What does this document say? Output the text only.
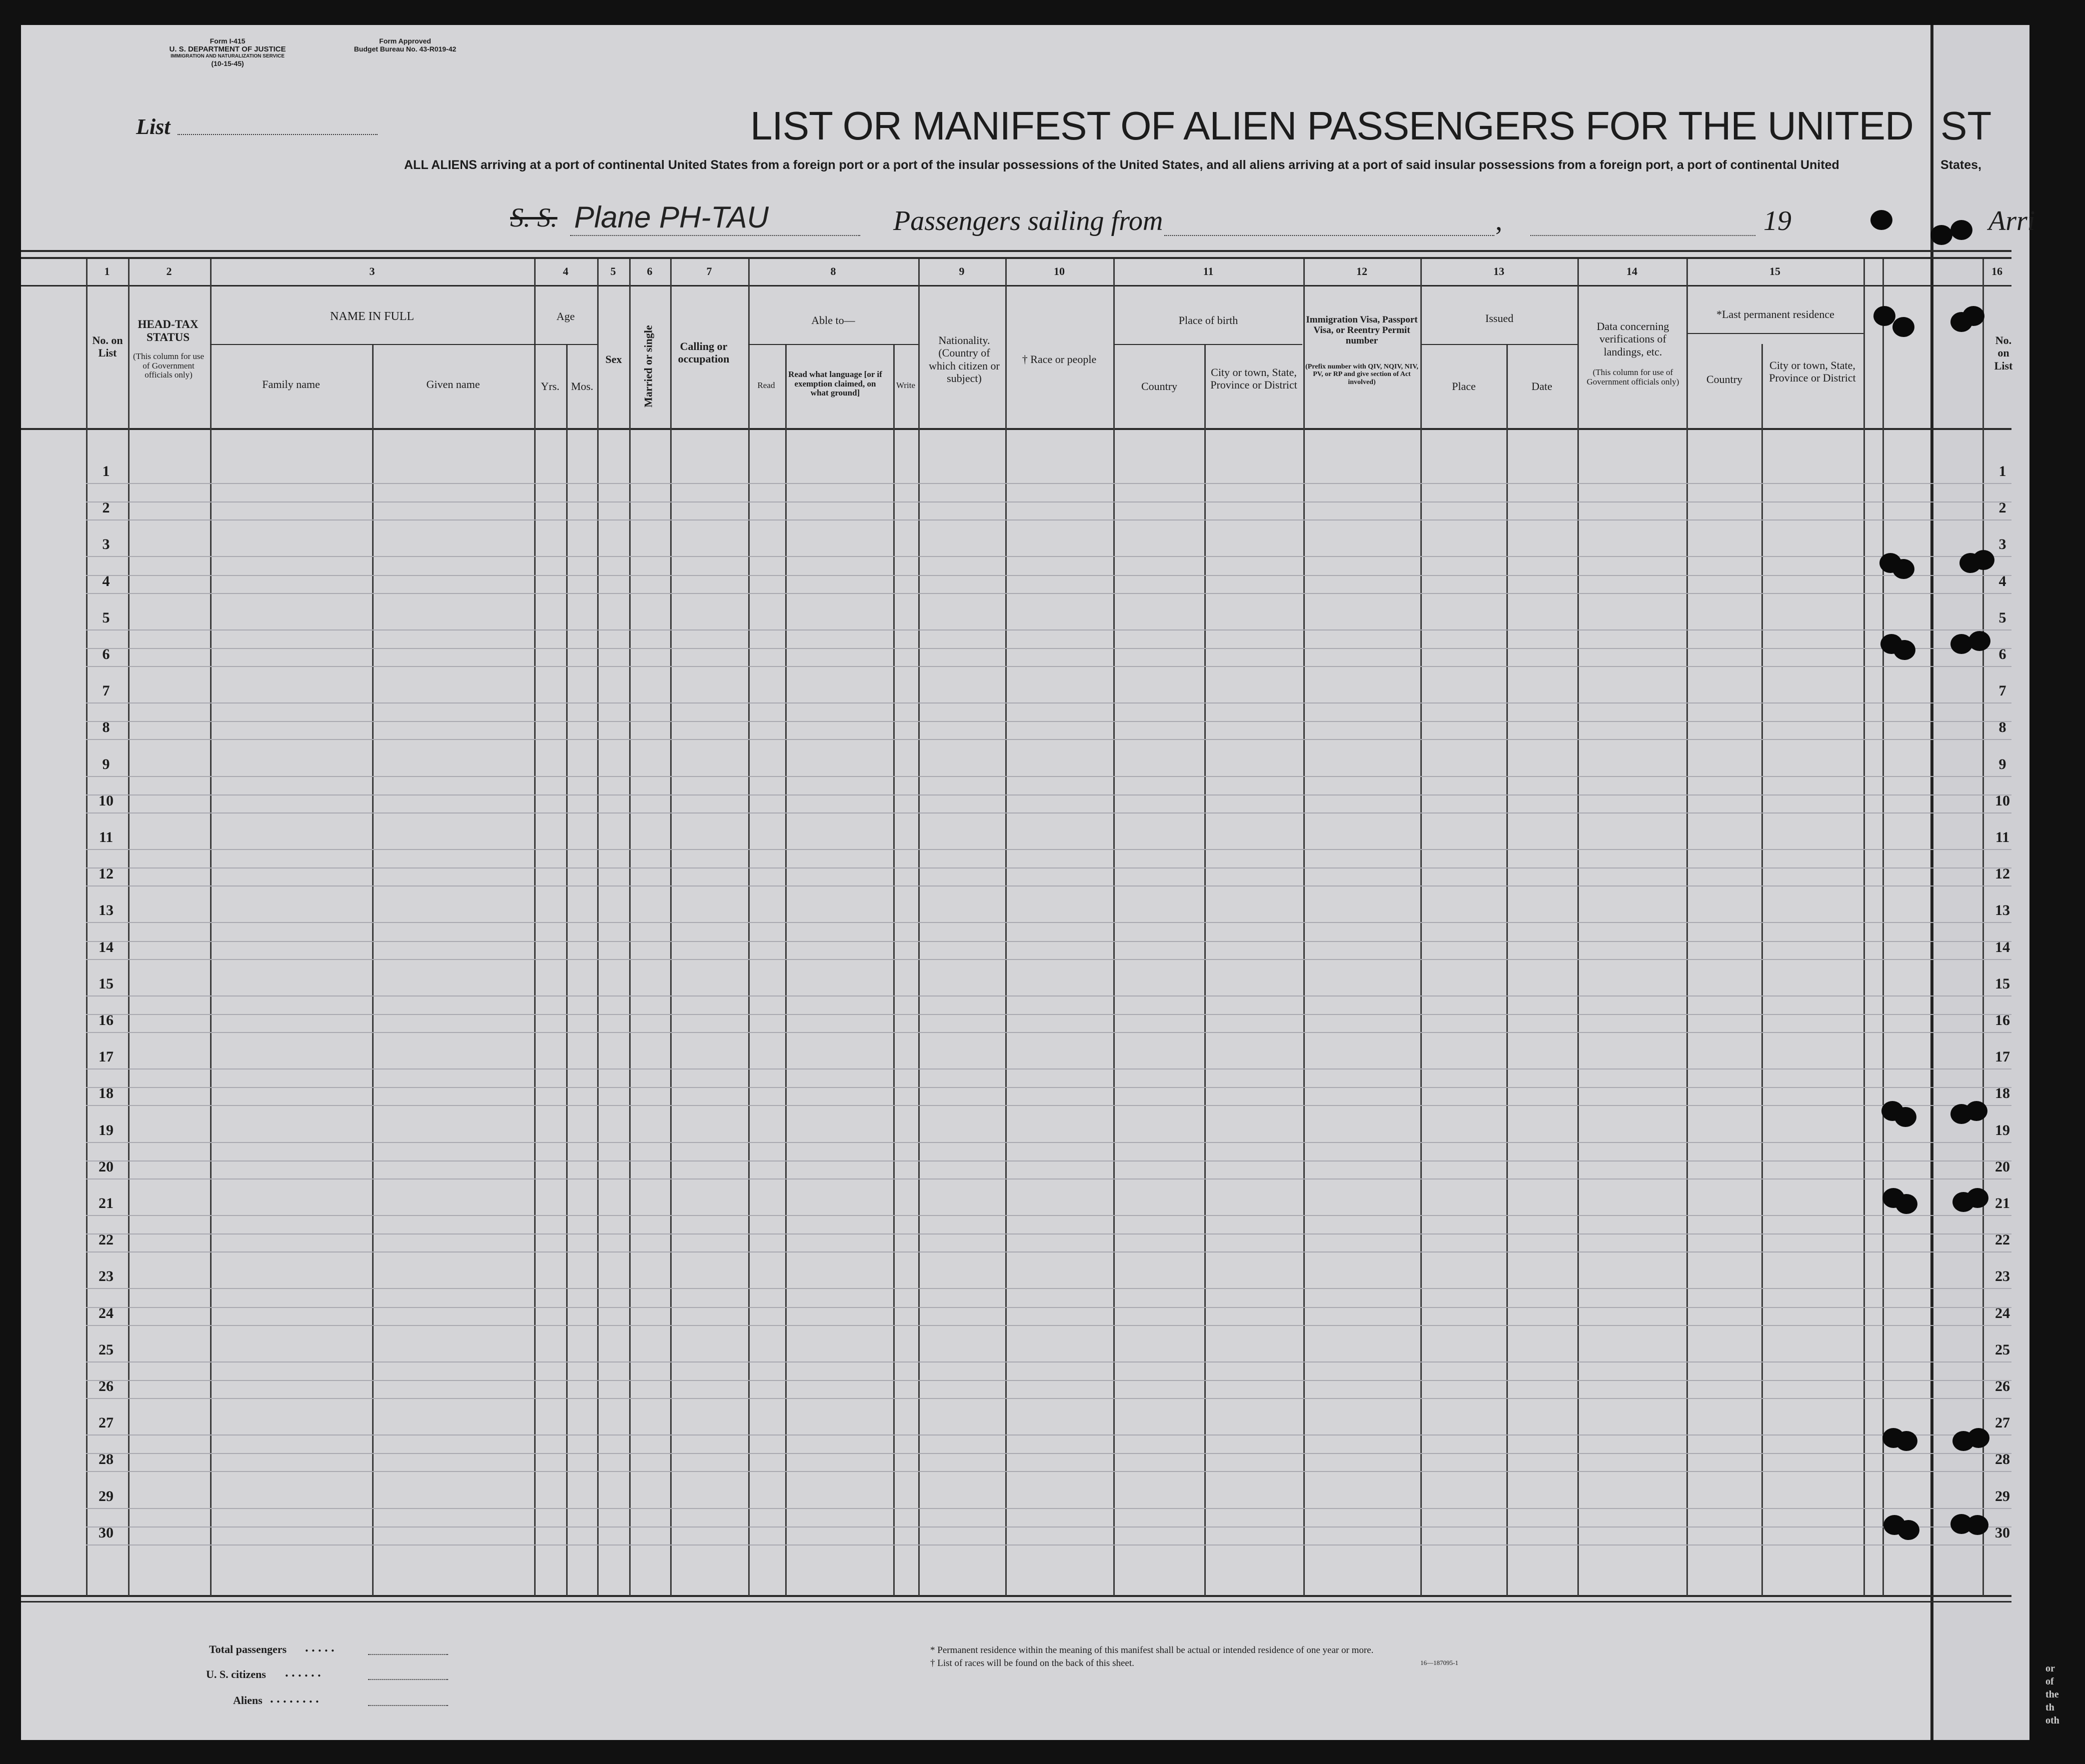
Form I-415
U. S. DEPARTMENT OF JUSTICE
IMMIGRATION AND NATURALIZATION SERVICE
(10-15-45)
Form Approved
Budget Bureau No. 43-R019-42
List	LIST OR MANIFEST OF ALIEN PASSENGERS FOR THE UNITED ST
ALL ALIENS arriving at a port of continental United States from a foreign port or a port of the insular possessions of the United States, and all aliens arriving at a port of said insular possessions from a foreign port, a port of continental United	States,
S. S. Plane PH-TAU	Passengers sailing from	,	19	Arri
1	2	3	4	5	6	7	8	9	10	11	12	13	14	15	16
No. on List
HEAD-TAX STATUS
(This column for use of Government officials only)
NAME IN FULL
Family name	Given name
Age
Yrs.	Mos.
Sex	Married or single	Calling or occupation
Able to—
Read
Read what language [or if exemption claimed, on what ground]
Write
Nationality. (Country of which citizen or subject)
† Race or people
Place of birth
Country
City or town, State, Province or District
Immigration Visa, Passport Visa, or Reentry Permit number
(Prefix number with QIV, NQIV, NIV, PV, or RP and give section of Act involved)
Issued
Place	Date
Data concerning verifications of landings, etc.
(This column for use of Government officials only)
*Last permanent residence
Country
City or town, State, Province or District
No. on List
1	1
2	2
3	3
4	4
5	5
6	6
7	7
8	8
9	9
10	10
11	11
12	12
13	13
14	14
15	15
16	16
17	17
18	18
19	19
20	20
21	21
22	22
23	23
24	24
25	25
26	26
27	27
28	28
29	29
30	30
Total passengers . . . . .
U. S. citizens . . . . . .
Aliens . . . . . . . .
* Permanent residence within the meaning of this manifest shall be actual or intended residence of one year or more.
† List of races will be found on the back of this sheet.	16—187095-1
or
of
the
th
oth
